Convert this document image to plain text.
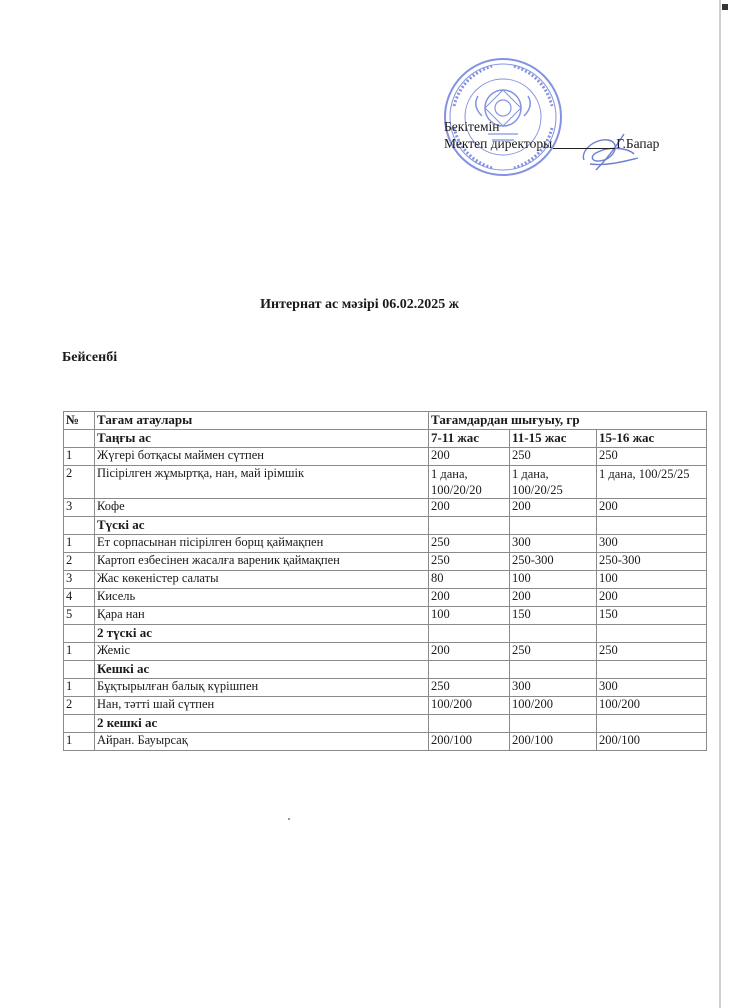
Бекітемін
Мектеп директоры	Г.Бапар
Интернат ас мәзірі 06.02.2025 ж
Бейсенбі
№	Тағам атаулары	Тағамдардан шығуыу, гр		
	Таңғы ас	7-11 жас	11-15 жас	15-16 жас
1	Жүгері ботқасы маймен сүтпен	200	250	250
2	Пісірілген жұмыртқа, нан, май ірімшік	1 дана, 100/20/20	1 дана, 100/20/25	1 дана, 100/25/25
3	Кофе	200	200	200
	Түскі ас			
1	Ет сорпасынан пісірілген борщ қаймақпен	250	300	300
2	Картоп езбесінен жасалға вареник қаймақпен	250	250-300	250-300
3	Жас көкеністер салаты	80	100	100
4	Кисель	200	200	200
5	Қара нан	100	150	150
	2 түскі ас			
1	Жеміс	200	250	250
	Кешкі ас			
1	Бұқтырылған балық күрішпен	250	300	300
2	Нан, тәтті шай сүтпен	100/200	100/200	100/200
	2 кешкі ас			
1	Айран. Бауырсақ	200/100	200/100	200/100
